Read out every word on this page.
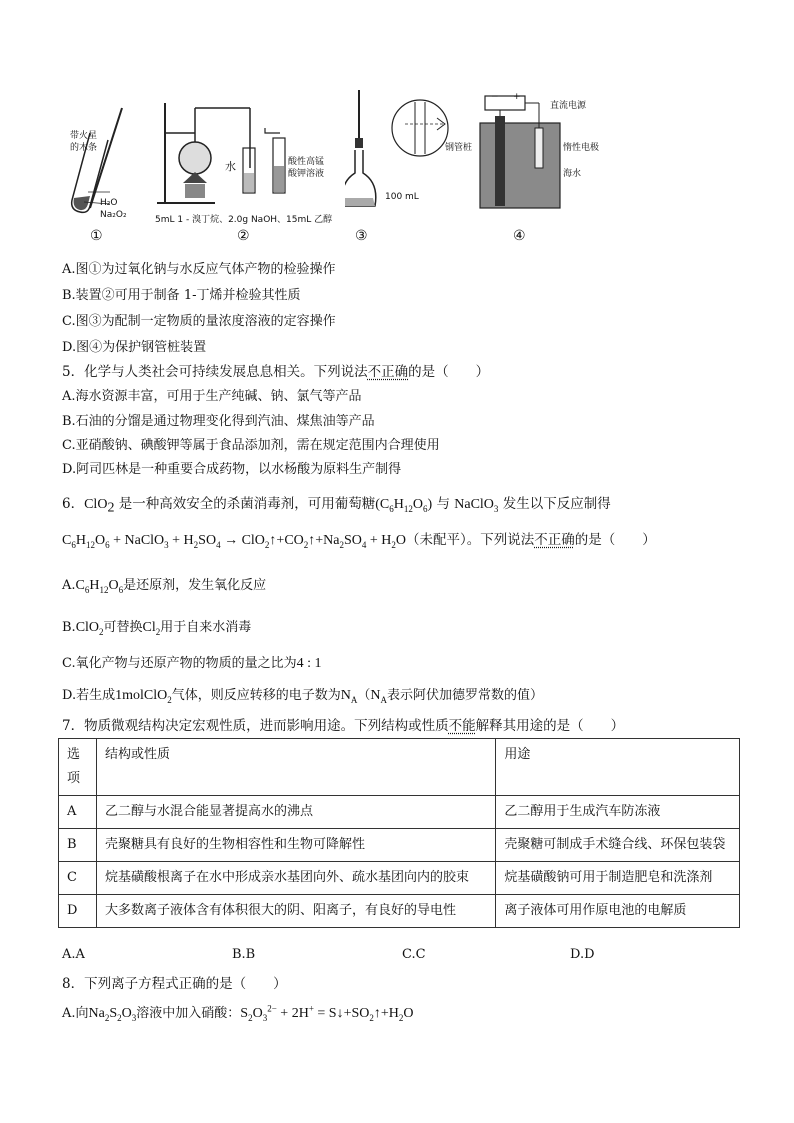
带火星
的木条
H₂O
Na₂O₂
①
水	酸性高锰
酸钾溶液
5mL 1 - 溴丁烷、2.0g NaOH、15mL 乙醇
②
100 mL
③
− +
直流电源
钢管桩	惰性电极
海水
④
A.图①为过氧化钠与水反应气体产物的检验操作
B.装置②可用于制备 1-丁烯并检验其性质
C.图③为配制一定物质的量浓度溶液的定容操作
D.图④为保护钢管桩装置
5．化学与人类社会可持续发展息息相关。下列说法不正确的是（　　）
A.海水资源丰富，可用于生产纯碱、钠、氯气等产品
B.石油的分馏是通过物理变化得到汽油、煤焦油等产品
C.亚硝酸钠、碘酸钾等属于食品添加剂，需在规定范围内合理使用
D.阿司匹林是一种重要合成药物，以水杨酸为原料生产制得
6．ClO$_2$ 是一种高效安全的杀菌消毒剂，可用葡萄糖$(C_6H_{12}O_6)$ 与 NaClO$_3$ 发生以下反应制得
$C_6H_{12}O_6$ + NaClO$_3$ + $H_2SO_4$ → $ClO_2↑+CO_2↑+Na_2SO_4 + H_2O$（未配平）。下列说法不正确的是（　　）
$A.C_6H_{12}O_6$是还原剂，发生氧化反应
B.ClO$_2$可替换$Cl_2$用于自来水消毒
C.氧化产物与还原产物的物质的量之比为4 : 1
D.若生成1molClO$_2$气体，则反应转移的电子数为$N_A(N_A$表示阿伏加德罗常数的值）
7．物质微观结构决定宏观性质，进而影响用途。下列结构或性质不能解释其用途的是（　　）
选
项	结构或性质	用途
A	乙二醇与水混合能显著提高水的沸点	乙二醇用于生成汽车防冻液
B	壳聚糖具有良好的生物相容性和生物可降解性	壳聚糖可制成手术缝合线、环保包装袋
C	烷基磺酸根离子在水中形成亲水基团向外、疏水基团向内的胶束	烷基磺酸钠可用于制造肥皂和洗涤剂
D	大多数离子液体含有体积很大的阴、阳离子，有良好的导电性	离子液体可用作原电池的电解质
A.A	B.B	C.C	D.D
8．下列离子方程式正确的是（　　）
A.向$Na_2S_2O_3$溶液中加入硝酸：$S_2O_3^{2-} + 2H^+$ = $S↓+SO_2↑+H_2O$
